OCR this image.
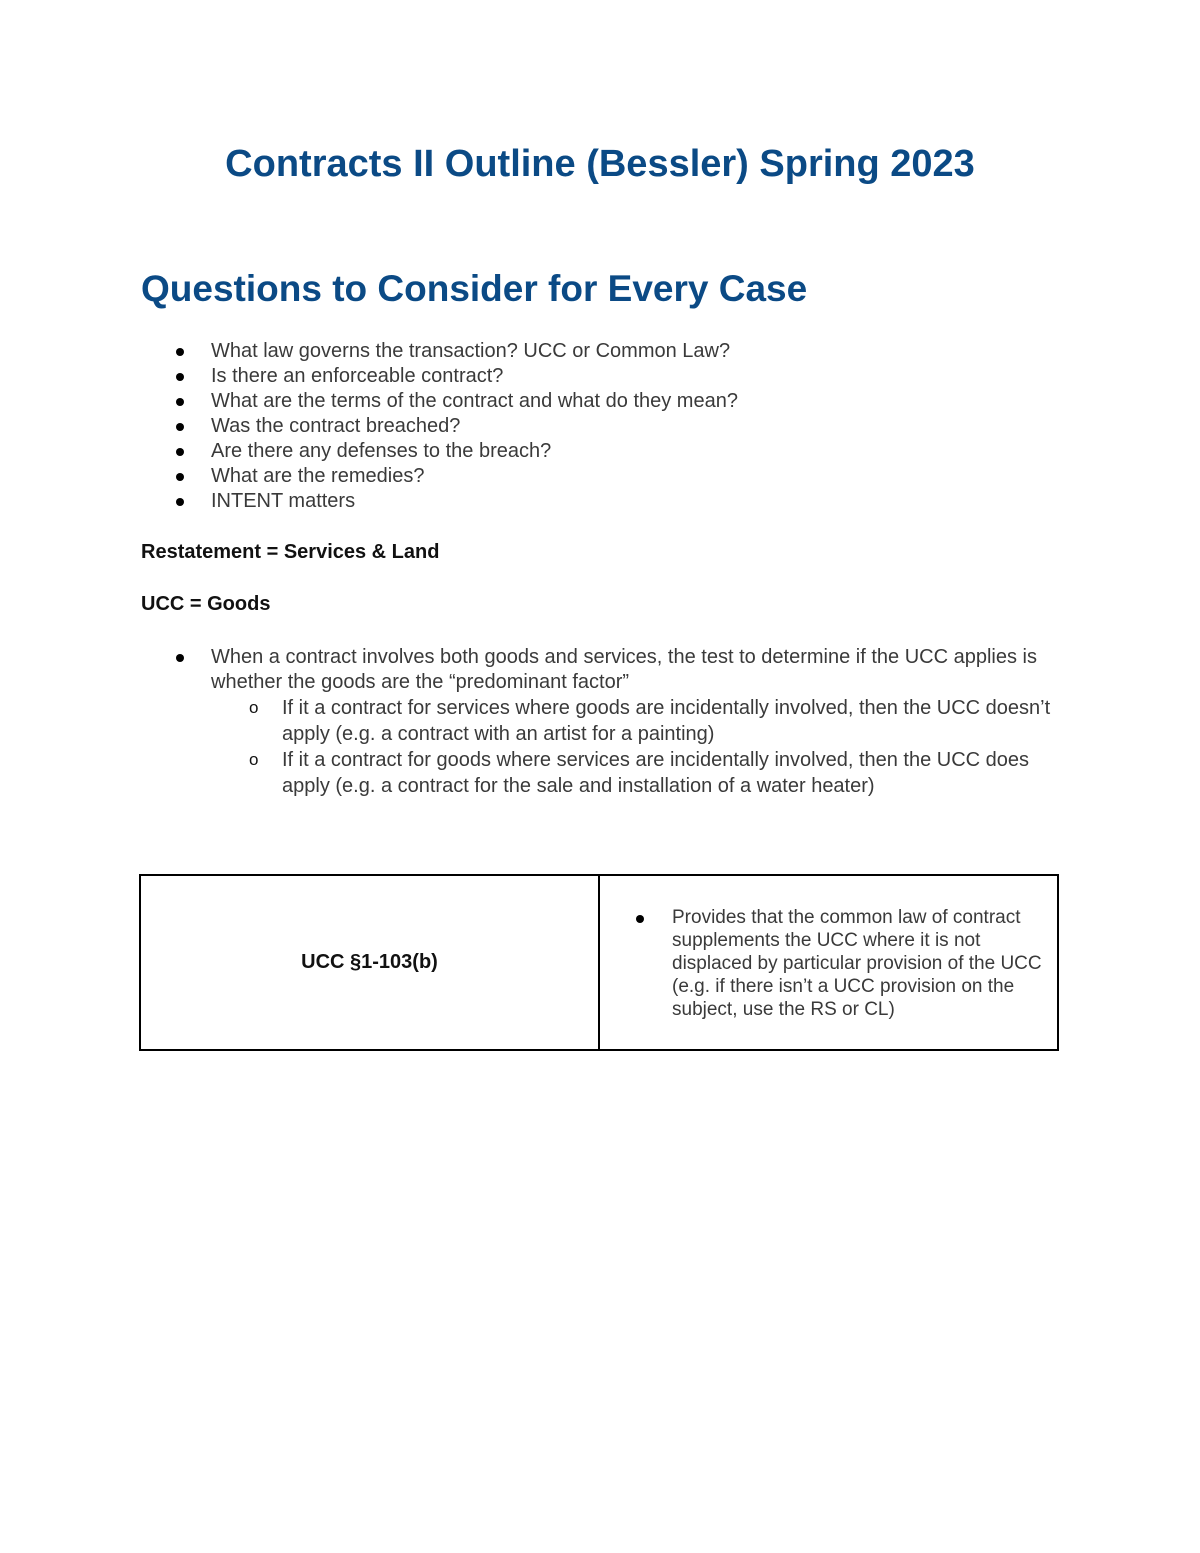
Contracts II Outline (Bessler) Spring 2023
Questions to Consider for Every Case
What law governs the transaction? UCC or Common Law?
Is there an enforceable contract?
What are the terms of the contract and what do they mean?
Was the contract breached?
Are there any defenses to the breach?
What are the remedies?
INTENT matters

Restatement = Services & Land

UCC = Goods

When a contract involves both goods and services, the test to determine if the UCC applies is whether the goods are the “predominant factor”
o If it a contract for services where goods are incidentally involved, then the UCC doesn’t apply (e.g. a contract with an artist for a painting)
o If it a contract for goods where services are incidentally involved, then the UCC does apply (e.g. a contract for the sale and installation of a water heater)
UCC §1-103(b)	
Provides that the common law of contract supplements the UCC where it is not displaced by particular provision of the UCC (e.g. if there isn’t a UCC provision on the subject, use the RS or CL)
